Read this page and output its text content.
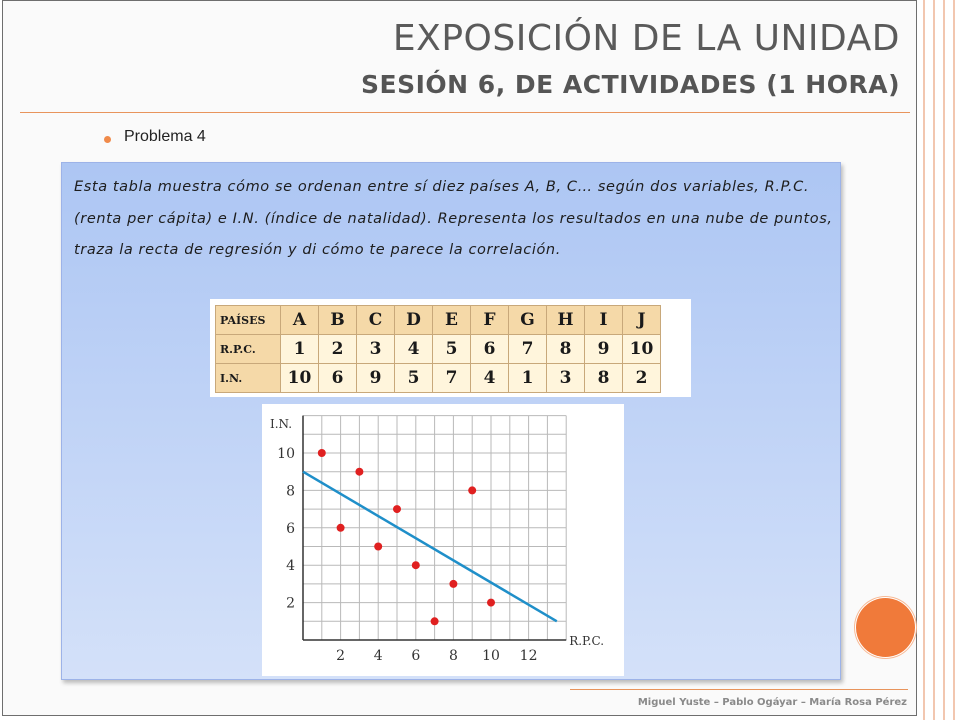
EXPOSICIÓN DE LA UNIDAD
SESIÓN 6, DE ACTIVIDADES (1 HORA)
Problema 4

Esta tabla muestra cómo se ordenan entre sí diez países A, B, C… según dos variables, R.P.C. (renta per cápita) e I.N. (índice de natalidad). Representa los resultados en una nube de puntos, traza la recta de regresión y di cómo te parece la correlación.

PAÍSES	A	B	C	D	E	F	G	H	I	J
R.P.C.	1	2	3	4	5	6	7	8	9	10
I.N.	10	6	9	5	7	4	1	3	8	2
2 4 6 8 10 12
2
4
6
8
10
I.N.
R.P.C.
Miguel Yuste – Pablo Ogáyar – María Rosa Pérez
